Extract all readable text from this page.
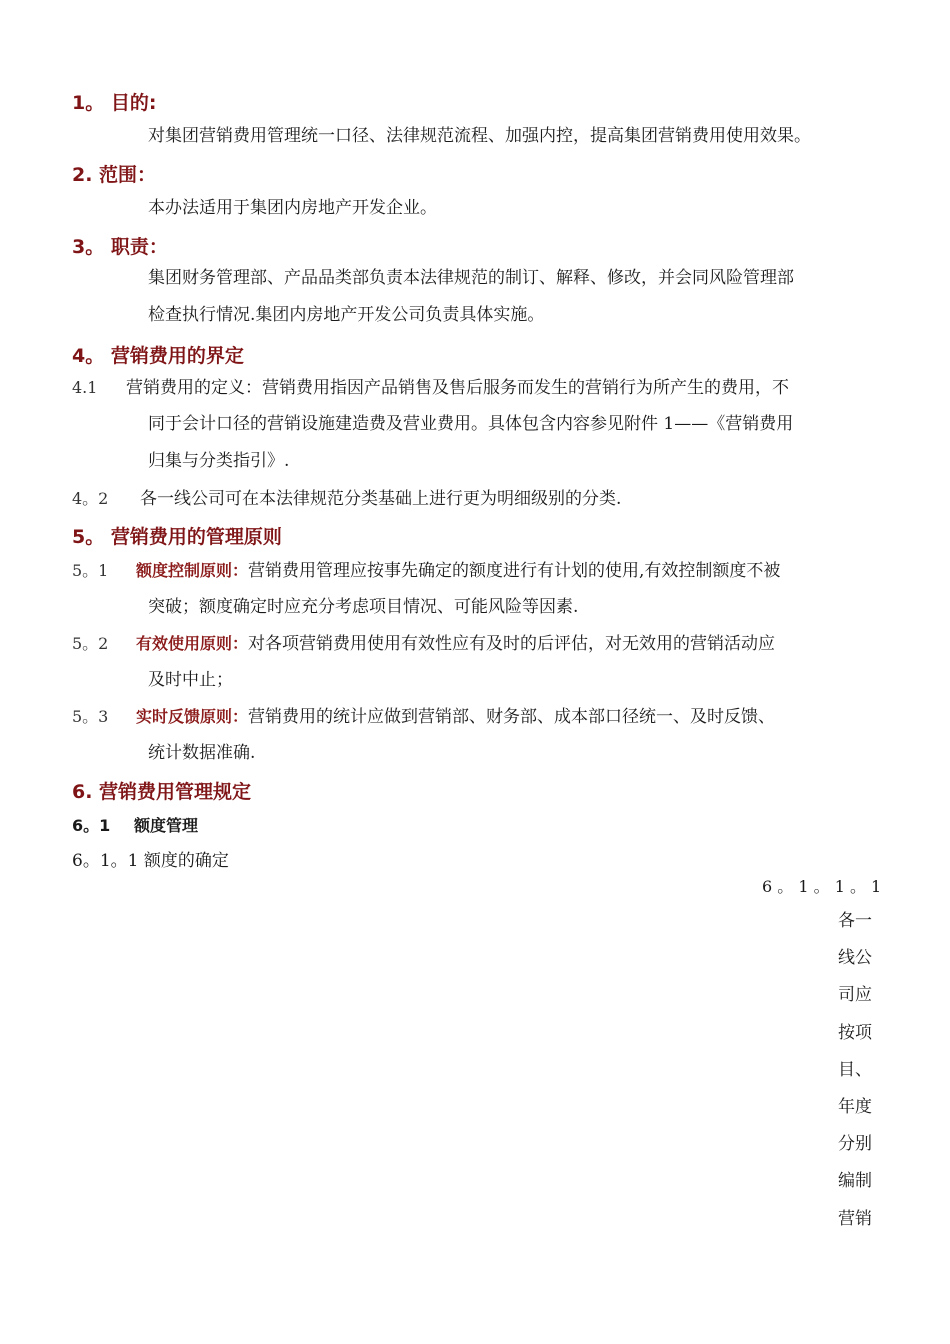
1。 目的:

对集团营销费用管理统一口径、法律规范流程、加强内控，提高集团营销费用使用效果。

2. 范围：

本办法适用于集团内房地产开发企业。

3。 职责：

集团财务管理部、产品品类部负责本法律规范的制订、解释、修改，并会同风险管理部

检查执行情况.集团内房地产开发公司负责具体实施。

4。 营销费用的界定

4.1 营销费用的定义：营销费用指因产品销售及售后服务而发生的营销行为所产生的费用，不

同于会计口径的营销设施建造费及营业费用。具体包含内容参见附件 1——《营销费用

归集与分类指引》.

4。2 各一线公司可在本法律规范分类基础上进行更为明细级别的分类.

5。 营销费用的管理原则

5。1 额度控制原则：营销费用管理应按事先确定的额度进行有计划的使用,有效控制额度不被

突破；额度确定时应充分考虑项目情况、可能风险等因素.

5。2 有效使用原则：对各项营销费用使用有效性应有及时的后评估，对无效用的营销活动应

及时中止；

5。3 实时反馈原则：营销费用的统计应做到营销部、财务部、成本部口径统一、及时反馈、

统计数据准确.

6. 营销费用管理规定

6。1 额度管理

6。1。1 额度的确定

6 。 1 。 1 。 1

各一
线公
司应
按项
目、
年度
分别
编制
营销
